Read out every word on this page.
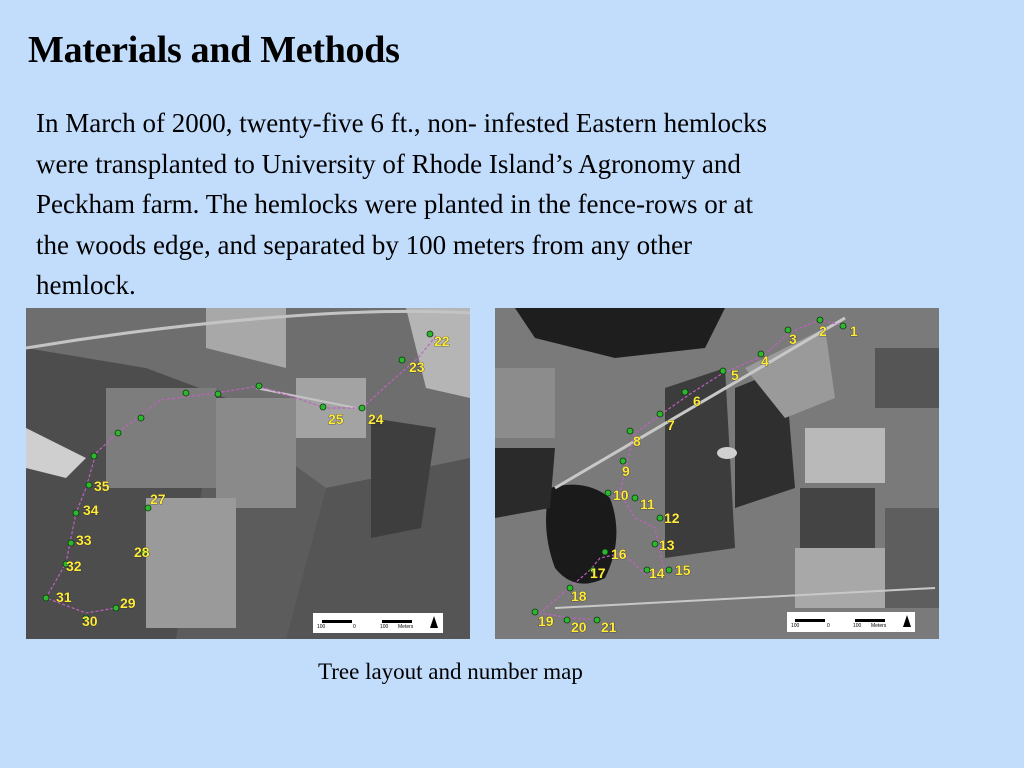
Materials and Methods
In March of 2000, twenty-five 6 ft., non- infested Eastern hemlocks
were transplanted to University of Rhode Island’s Agronomy and
Peckham farm. The hemlocks were planted in the fence-rows or at
the woods edge, and separated by 100 meters from any other
hemlock.
100	0	100 Meters
22
23
24
25
27
28
29
30
31
32
33
34
35
100	0	100 Meters
1
2
3
4
5
6
7
8
9
10
11
12
13
14 15
16
17
18
19 20 21
Tree layout and number map
